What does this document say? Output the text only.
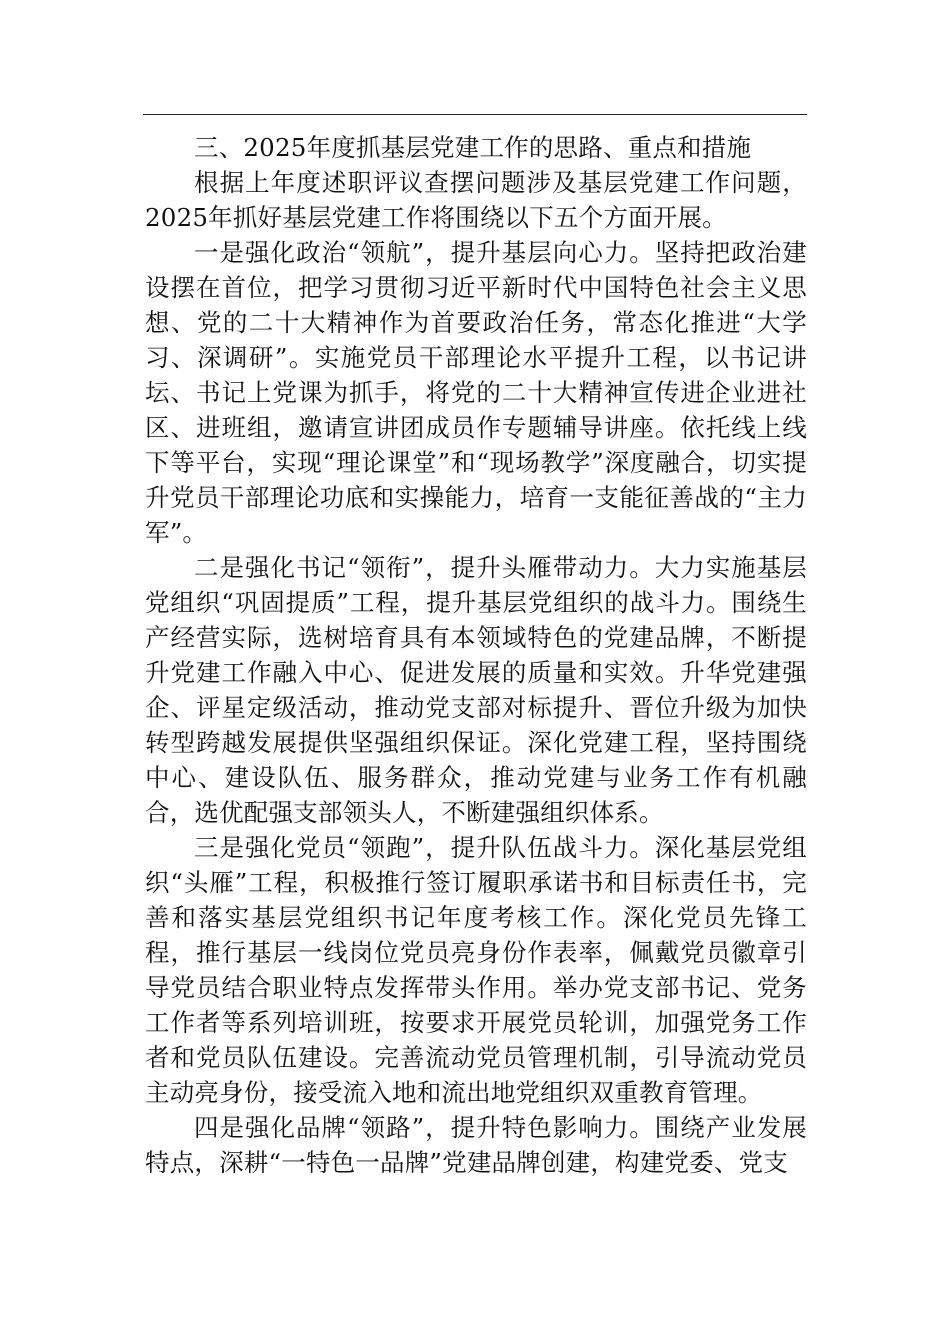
三、2025年度抓基层党建工作的思路、重点和措施

根据上年度述职评议查摆问题涉及基层党建工作问题，2025年抓好基层党建工作将围绕以下五个方面开展。

一是强化政治“领航”，提升基层向心力。坚持把政治建设摆在首位，把学习贯彻习近平新时代中国特色社会主义思想、党的二十大精神作为首要政治任务，常态化推进“大学习、深调研”。实施党员干部理论水平提升工程，以书记讲坛、书记上党课为抓手，将党的二十大精神宣传进企业进社区、进班组，邀请宣讲团成员作专题辅导讲座。依托线上线下等平台，实现“理论课堂”和“现场教学”深度融合，切实提升党员干部理论功底和实操能力，培育一支能征善战的“主力军”。

二是强化书记“领衔”，提升头雁带动力。大力实施基层党组织“巩固提质”工程，提升基层党组织的战斗力。围绕生产经营实际，选树培育具有本领域特色的党建品牌，不断提升党建工作融入中心、促进发展的质量和实效。升华党建强企、评星定级活动，推动党支部对标提升、晋位升级为加快转型跨越发展提供坚强组织保证。深化党建工程，坚持围绕中心、建设队伍、服务群众，推动党建与业务工作有机融合，选优配强支部领头人，不断建强组织体系。

三是强化党员“领跑”，提升队伍战斗力。深化基层党组织“头雁”工程，积极推行签订履职承诺书和目标责任书，完善和落实基层党组织书记年度考核工作。深化党员先锋工程，推行基层一线岗位党员亮身份作表率，佩戴党员徽章引导党员结合职业特点发挥带头作用。举办党支部书记、党务工作者等系列培训班，按要求开展党员轮训，加强党务工作者和党员队伍建设。完善流动党员管理机制，引导流动党员主动亮身份，接受流入地和流出地党组织双重教育管理。

四是强化品牌“领路”，提升特色影响力。围绕产业发展特点，深耕“一特色一品牌”党建品牌创建，构建党委、党支
